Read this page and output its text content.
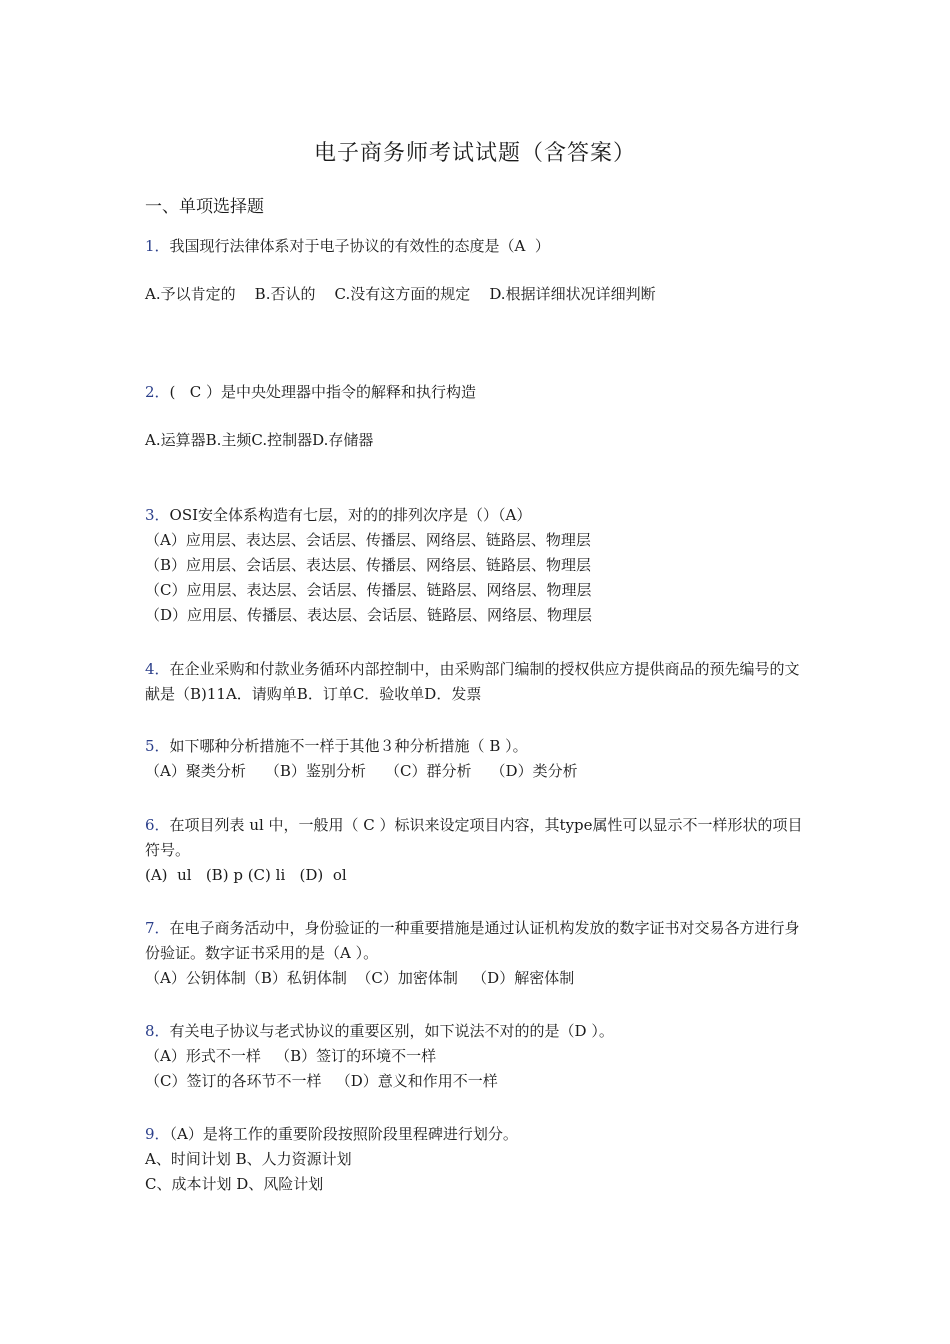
电子商务师考试试题（含答案）
一、单项选择题
1．我国现行法律体系对于电子协议的有效性的态度是（A  ）
A.予以肯定的    B.否认的    C.没有这方面的规定    D.根据详细状况详细判断
2．(   C ）是中央处理器中指令的解释和执行构造
A.运算器B.主频C.控制器D.存储器
3．OSI安全体系构造有七层，对的的排列次序是（）（A）
（A）应用层、表达层、会话层、传播层、网络层、链路层、物理层
（B）应用层、会话层、表达层、传播层、网络层、链路层、物理层
（C）应用层、表达层、会话层、传播层、链路层、网络层、物理层
（D）应用层、传播层、表达层、会话层、链路层、网络层、物理层
4．在企业采购和付款业务循环内部控制中，由采购部门编制的授权供应方提供商品的预先编号的文献是（B)11A．请购单B．订单C．验收单D．发票
5．如下哪种分析措施不一样于其他３种分析措施（ B ）。
（A）聚类分析    （B）鉴别分析    （C）群分析    （D）类分析
6．在项目列表 ul 中，一般用（ C ）标识来设定项目内容，其type属性可以显示不一样形状的项目符号。
(A)  ul   (B) p (C) li   (D)  ol
7．在电子商务活动中，身份验证的一种重要措施是通过认证机构发放的数字证书对交易各方进行身份验证。数字证书采用的是（A ）。
（A）公钥体制（B）私钥体制  （C）加密体制   （D）解密体制
8．有关电子协议与老式协议的重要区别，如下说法不对的的是（D ）。
（A）形式不一样   （B）签订的环境不一样
（C）签订的各环节不一样   （D）意义和作用不一样
9．（A）是将工作的重要阶段按照阶段里程碑进行划分。
A、时间计划 B、人力资源计划
C、成本计划 D、风险计划
